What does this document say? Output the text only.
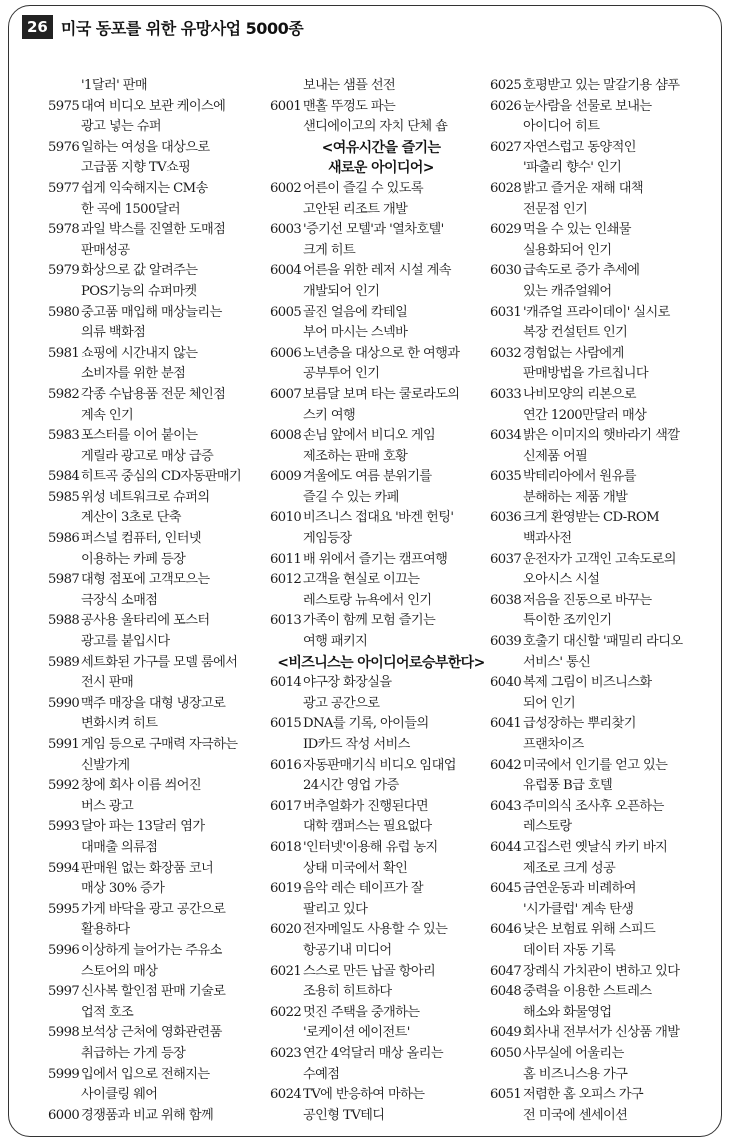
26 미국 동포를 위한 유망사업 5000종
'1달러' 판매
5975 대여 비디오 보관 케이스에
광고 넣는 슈퍼
5976 일하는 여성을 대상으로
고급품 지향 TV쇼핑
5977 쉽게 익숙해지는 CM송
한 곡에 1500달러
5978 과일 박스를 진열한 도매점
판매성공
5979 화상으로 값 알려주는
POS기능의 슈퍼마켓
5980 중고품 매입해 매상늘리는
의류 백화점
5981 쇼핑에 시간내지 않는
소비자를 위한 분점
5982 각종 수납용품 전문 체인점
계속 인기
5983 포스터를 이어 붙이는
게릴라 광고로 매상 급증
5984 히트곡 중심의 CD자동판매기
5985 위성 네트워크로 슈퍼의
계산이 3초로 단축
5986 퍼스널 컴퓨터, 인터넷
이용하는 카페 등장
5987 대형 점포에 고객모으는
극장식 소매점
5988 공사용 울타리에 포스터
광고를 붙입시다
5989 세트화된 가구를 모델 룸에서
전시 판매
5990 맥주 매장을 대형 냉장고로
변화시켜 히트
5991 게임 등으로 구매력 자극하는
신발가게
5992 창에 회사 이름 씌어진
버스 광고
5993 달아 파는 13달러 염가
대매출 의류점
5994 판매원 없는 화장품 코너
매상 30% 증가
5995 가게 바닥을 광고 공간으로
활용하다
5996 이상하게 늘어가는 주유소
스토어의 매상
5997 신사복 할인점 판매 기술로
업적 호조
5998 보석상 근처에 영화관련품
취급하는 가게 등장
5999 입에서 입으로 전해지는
사이클링 웨어
6000 경쟁품과 비교 위해 함께
보내는 샘플 선전
6001 맨홀 뚜껑도 파는
샌디에이고의 자치 단체 숍
<여유시간을 즐기는
새로운 아이디어>
6002 어른이 즐길 수 있도록
고안된 리조트 개발
6003 '증기선 모텔'과 '열차호텔'
크게 히트
6004 어른을 위한 레저 시설 계속
개발되어 인기
6005 골진 얼음에 칵테일
부어 마시는 스넥바
6006 노년층을 대상으로 한 여행과
공부투어 인기
6007 보름달 보며 타는 쿨로라도의
스키 여행
6008 손님 앞에서 비디오 게임
제조하는 판매 호황
6009 겨울에도 여름 분위기를
즐길 수 있는 카페
6010 비즈니스 접대요 '바겐 헌팅'
게임등장
6011 배 위에서 즐기는 캠프여행
6012 고객을 현실로 이끄는
레스토랑 뉴욕에서 인기
6013 가족이 함께 모험 즐기는
여행 패키지
<비즈니스는 아이디어로승부한다>
6014 야구장 화장실을
광고 공간으로
6015 DNA를 기록, 아이들의
ID카드 작성 서비스
6016 자동판매기식 비디오 임대업
24시간 영업 가증
6017 버추얼화가 진행된다면
대학 캠퍼스는 필요없다
6018 '인터넷'이용해 유럽 농지
상태 미국에서 확인
6019 음악 레슨 테이프가 잘
팔리고 있다
6020 전자메일도 사용할 수 있는
항공기내 미디어
6021 스스로 만든 납골 항아리
조용히 히트하다
6022 멋진 주택을 중개하는
'로케이션 에이전트'
6023 연간 4억달러 매상 올리는
수예점
6024 TV에 반응하여 마하는
공인형 TV테디
6025 호평받고 있는 말갈기용 샴푸
6026 눈사람을 선물로 보내는
아이디어 히트
6027 자연스럽고 동양적인
'파출리 향수' 인기
6028 밝고 즐거운 재해 대책
전문점 인기
6029 먹을 수 있는 인쇄물
실용화되어 인기
6030 급속도로 증가 추세에
있는 캐쥬얼웨어
6031 '캐쥬얼 프라이데이' 실시로
복장 컨설턴트 인기
6032 경험없는 사람에게
판매방법을 가르칩니다
6033 나비모양의 리본으로
연간 1200만달러 매상
6034 밝은 이미지의 햇바라기 색깔
신제품 어필
6035 박테리아에서 원유를
분해하는 제품 개발
6036 크게 환영받는 CD-ROM
백과사전
6037 운전자가 고객인 고속도로의
오아시스 시설
6038 저음을 진동으로 바꾸는
특이한 조끼인기
6039 호출기 대신할 '패밀리 라디오
서비스' 통신
6040 복제 그림이 비즈니스화
되어 인기
6041 급성장하는 뿌리찾기
프랜차이즈
6042 미국에서 인기를 얻고 있는
유럽풍 B급 호텔
6043 주미의식 조사후 오픈하는
레스토랑
6044 고집스런 옛날식 카키 바지
제조로 크게 성공
6045 금연운동과 비례하여
'시가클럽' 계속 탄생
6046 낮은 보험료 위해 스피드
데이터 자동 기록
6047 장례식 가치관이 변하고 있다
6048 중력을 이용한 스트레스
해소와 화물영업
6049 회사내 전부서가 신상품 개발
6050 사무실에 어울리는
홈 비즈니스용 가구
6051 저렴한 홈 오피스 가구
전 미국에 센세이션
